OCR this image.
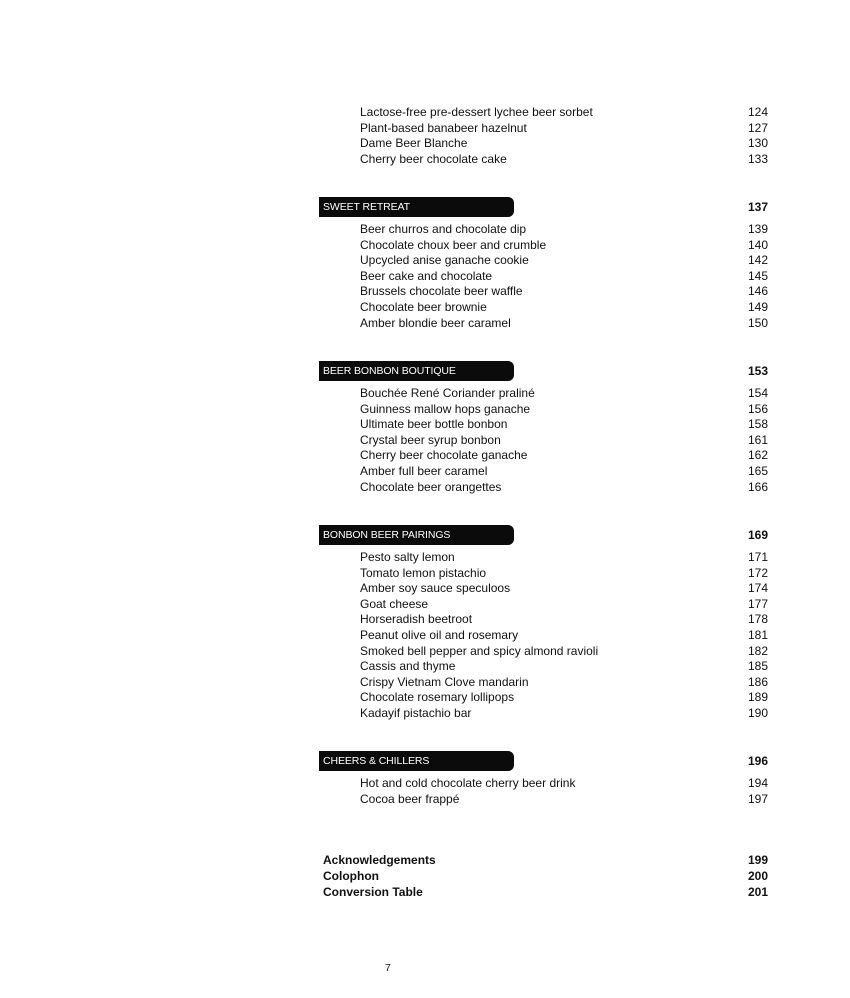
Lactose-free pre-dessert lychee beer sorbet	124
Plant-based banabeer hazelnut	127
Dame Beer Blanche	130
Cherry beer chocolate cake	133
SWEET RETREAT	137
Beer churros and chocolate dip	139
Chocolate choux beer and crumble	140
Upcycled anise ganache cookie	142
Beer cake and chocolate	145
Brussels chocolate beer waffle	146
Chocolate beer brownie	149
Amber blondie beer caramel	150
BEER BONBON BOUTIQUE	153
Bouchée René Coriander praliné	154
Guinness mallow hops ganache	156
Ultimate beer bottle bonbon	158
Crystal beer syrup bonbon	161
Cherry beer chocolate ganache	162
Amber full beer caramel	165
Chocolate beer orangettes	166
BONBON BEER PAIRINGS	169
Pesto salty lemon	171
Tomato lemon pistachio	172
Amber soy sauce speculoos	174
Goat cheese	177
Horseradish beetroot	178
Peanut olive oil and rosemary	181
Smoked bell pepper and spicy almond ravioli	182
Cassis and thyme	185
Crispy Vietnam Clove mandarin	186
Chocolate rosemary lollipops	189
Kadayif pistachio bar	190
CHEERS & CHILLERS	196
Hot and cold chocolate cherry beer drink	194
Cocoa beer frappé	197
Acknowledgements	199
Colophon	200
Conversion Table	201
7
